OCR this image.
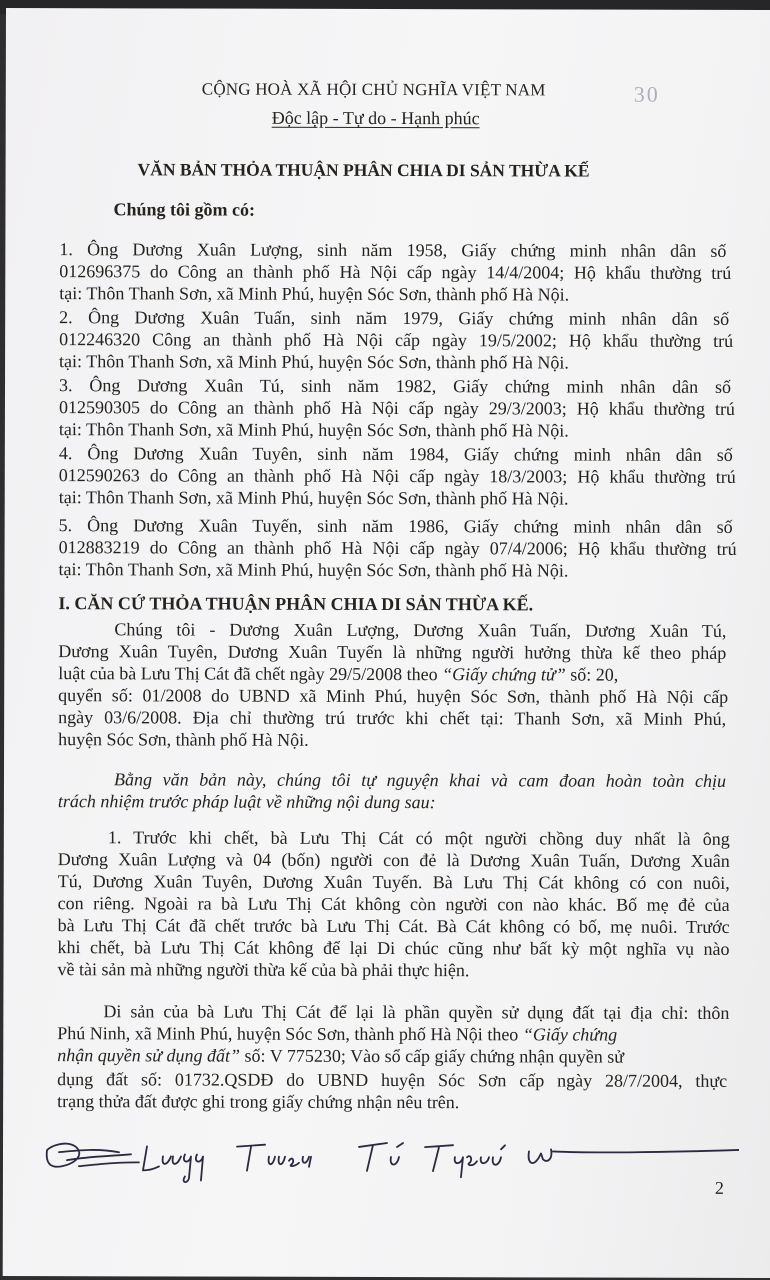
CỘNG HOÀ XÃ HỘI CHỦ NGHĨA VIỆT NAM	30
Độc lập - Tự do - Hạnh phúc
VĂN BẢN THỎA THUẬN PHÂN CHIA DI SẢN THỪA KẾ
Chúng tôi gồm có:
1. Ông Dương Xuân Lượng, sinh năm 1958, Giấy chứng minh nhân dân số
012696375 do Công an thành phố Hà Nội cấp ngày 14/4/2004; Hộ khẩu thường trú
tại: Thôn Thanh Sơn, xã Minh Phú, huyện Sóc Sơn, thành phố Hà Nội.
2. Ông Dương Xuân Tuấn, sinh năm 1979, Giấy chứng minh nhân dân số
012246320 Công an thành phố Hà Nội cấp ngày 19/5/2002; Hộ khẩu thường trú
tại: Thôn Thanh Sơn, xã Minh Phú, huyện Sóc Sơn, thành phố Hà Nội.
3. Ông Dương Xuân Tú, sinh năm 1982, Giấy chứng minh nhân dân số
012590305 do Công an thành phố Hà Nội cấp ngày 29/3/2003; Hộ khẩu thường trú
tại: Thôn Thanh Sơn, xã Minh Phú, huyện Sóc Sơn, thành phố Hà Nội.
4. Ông Dương Xuân Tuyên, sinh năm 1984, Giấy chứng minh nhân dân số
012590263 do Công an thành phố Hà Nội cấp ngày 18/3/2003; Hộ khẩu thường trú
tại: Thôn Thanh Sơn, xã Minh Phú, huyện Sóc Sơn, thành phố Hà Nội.
5. Ông Dương Xuân Tuyến, sinh năm 1986, Giấy chứng minh nhân dân số
012883219 do Công an thành phố Hà Nội cấp ngày 07/4/2006; Hộ khẩu thường trú
tại: Thôn Thanh Sơn, xã Minh Phú, huyện Sóc Sơn, thành phố Hà Nội.
I. CĂN CỨ THỎA THUẬN PHÂN CHIA DI SẢN THỪA KẾ.
Chúng tôi - Dương Xuân Lượng, Dương Xuân Tuấn, Dương Xuân Tú,
Dương Xuân Tuyên, Dương Xuân Tuyến là những người hưởng thừa kế theo pháp
luật của bà Lưu Thị Cát đã chết ngày 29/5/2008 theo “Giấy chứng tử” số: 20,
quyển số: 01/2008 do UBND xã Minh Phú, huyện Sóc Sơn, thành phố Hà Nội cấp
ngày 03/6/2008. Địa chỉ thường trú trước khi chết tại: Thanh Sơn, xã Minh Phú,
huyện Sóc Sơn, thành phố Hà Nội.
Bằng văn bản này, chúng tôi tự nguyện khai và cam đoan hoàn toàn chịu
trách nhiệm trước pháp luật về những nội dung sau:
1. Trước khi chết, bà Lưu Thị Cát có một người chồng duy nhất là ông
Dương Xuân Lượng và 04 (bốn) người con đẻ là Dương Xuân Tuấn, Dương Xuân
Tú, Dương Xuân Tuyên, Dương Xuân Tuyến. Bà Lưu Thị Cát không có con nuôi,
con riêng. Ngoài ra bà Lưu Thị Cát không còn người con nào khác. Bố mẹ đẻ của
bà Lưu Thị Cát đã chết trước bà Lưu Thị Cát. Bà Cát không có bố, mẹ nuôi. Trước
khi chết, bà Lưu Thị Cát không để lại Di chúc cũng như bất kỳ một nghĩa vụ nào
về tài sản mà những người thừa kế của bà phải thực hiện.
Di sản của bà Lưu Thị Cát để lại là phần quyền sử dụng đất tại địa chỉ: thôn
Phú Ninh, xã Minh Phú, huyện Sóc Sơn, thành phố Hà Nội theo “Giấy chứng
nhận quyền sử dụng đất” số: V 775230; Vào sổ cấp giấy chứng nhận quyền sử
dụng đất số: 01732.QSDĐ do UBND huyện Sóc Sơn cấp ngày 28/7/2004, thực
trạng thửa đất được ghi trong giấy chứng nhận nêu trên.
2
